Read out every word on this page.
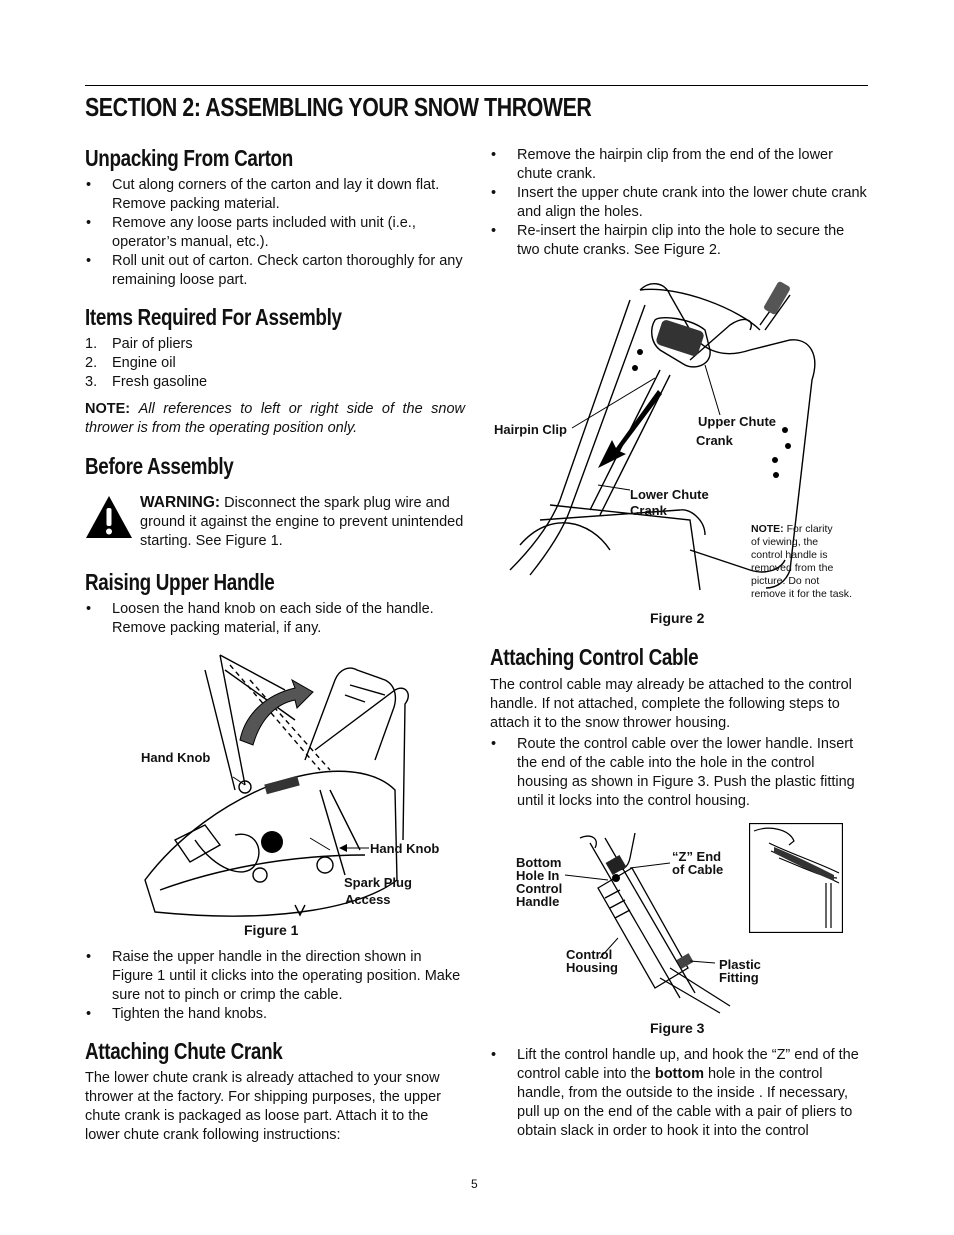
SECTION 2: ASSEMBLING YOUR SNOW THROWER
Unpacking From Carton
• Cut along corners of the carton and lay it down flat. Remove packing material.
• Remove any loose parts included with unit (i.e., operator’s manual, etc.).
• Roll unit out of carton. Check carton thoroughly for any remaining loose part.
Items Required For Assembly
1. Pair of pliers
2. Engine oil
3. Fresh gasoline

NOTE: All references to left or right side of the snow thrower is from the operating position only.

Before Assembly

WARNING: Disconnect the spark plug wire and ground it against the engine to prevent unintended starting. See Figure 1.

Raising Upper Handle
• Loosen the hand knob on each side of the handle. Remove packing material, if any.
Hand Knob
Hand Knob
Spark Plug
Access
Figure 1
• Raise the upper handle in the direction shown in Figure 1 until it clicks into the operating position. Make sure not to pinch or crimp the cable.
• Tighten the hand knobs.
Attaching Chute Crank

The lower chute crank is already attached to your snow thrower at the factory. For shipping purposes, the upper chute crank is packaged as loose part. Attach it to the lower chute crank following instructions:

• Remove the hairpin clip from the end of the lower chute crank.
• Insert the upper chute crank into the lower chute crank and align the holes.
• Re-insert the hairpin clip into the hole to secure the two chute cranks. See Figure 2.
Hairpin Clip
Upper Chute
Crank
Lower Chute
Crank
NOTE: For clarity
of viewing, the
control handle is
removed from the
picture. Do not
remove it for the task.
Figure 2
Attaching Control Cable

The control cable may already be attached to the control handle. If not attached, complete the following steps to attach it to the snow thrower housing.

• Route the control cable over the lower handle. Insert the end of the cable into the hole in the control housing as shown in Figure 3. Push the plastic fitting until it locks into the control housing.
Bottom
Hole In
Control
Handle
“Z” End
of Cable
Control
Housing	Plastic
Fitting
Figure 3
• Lift the control handle up, and hook the “Z” end of the control cable into the bottom hole in the control handle, from the outside to the inside . If necessary, pull up on the end of the cable with a pair of pliers to obtain slack in order to hook it into the control
5
